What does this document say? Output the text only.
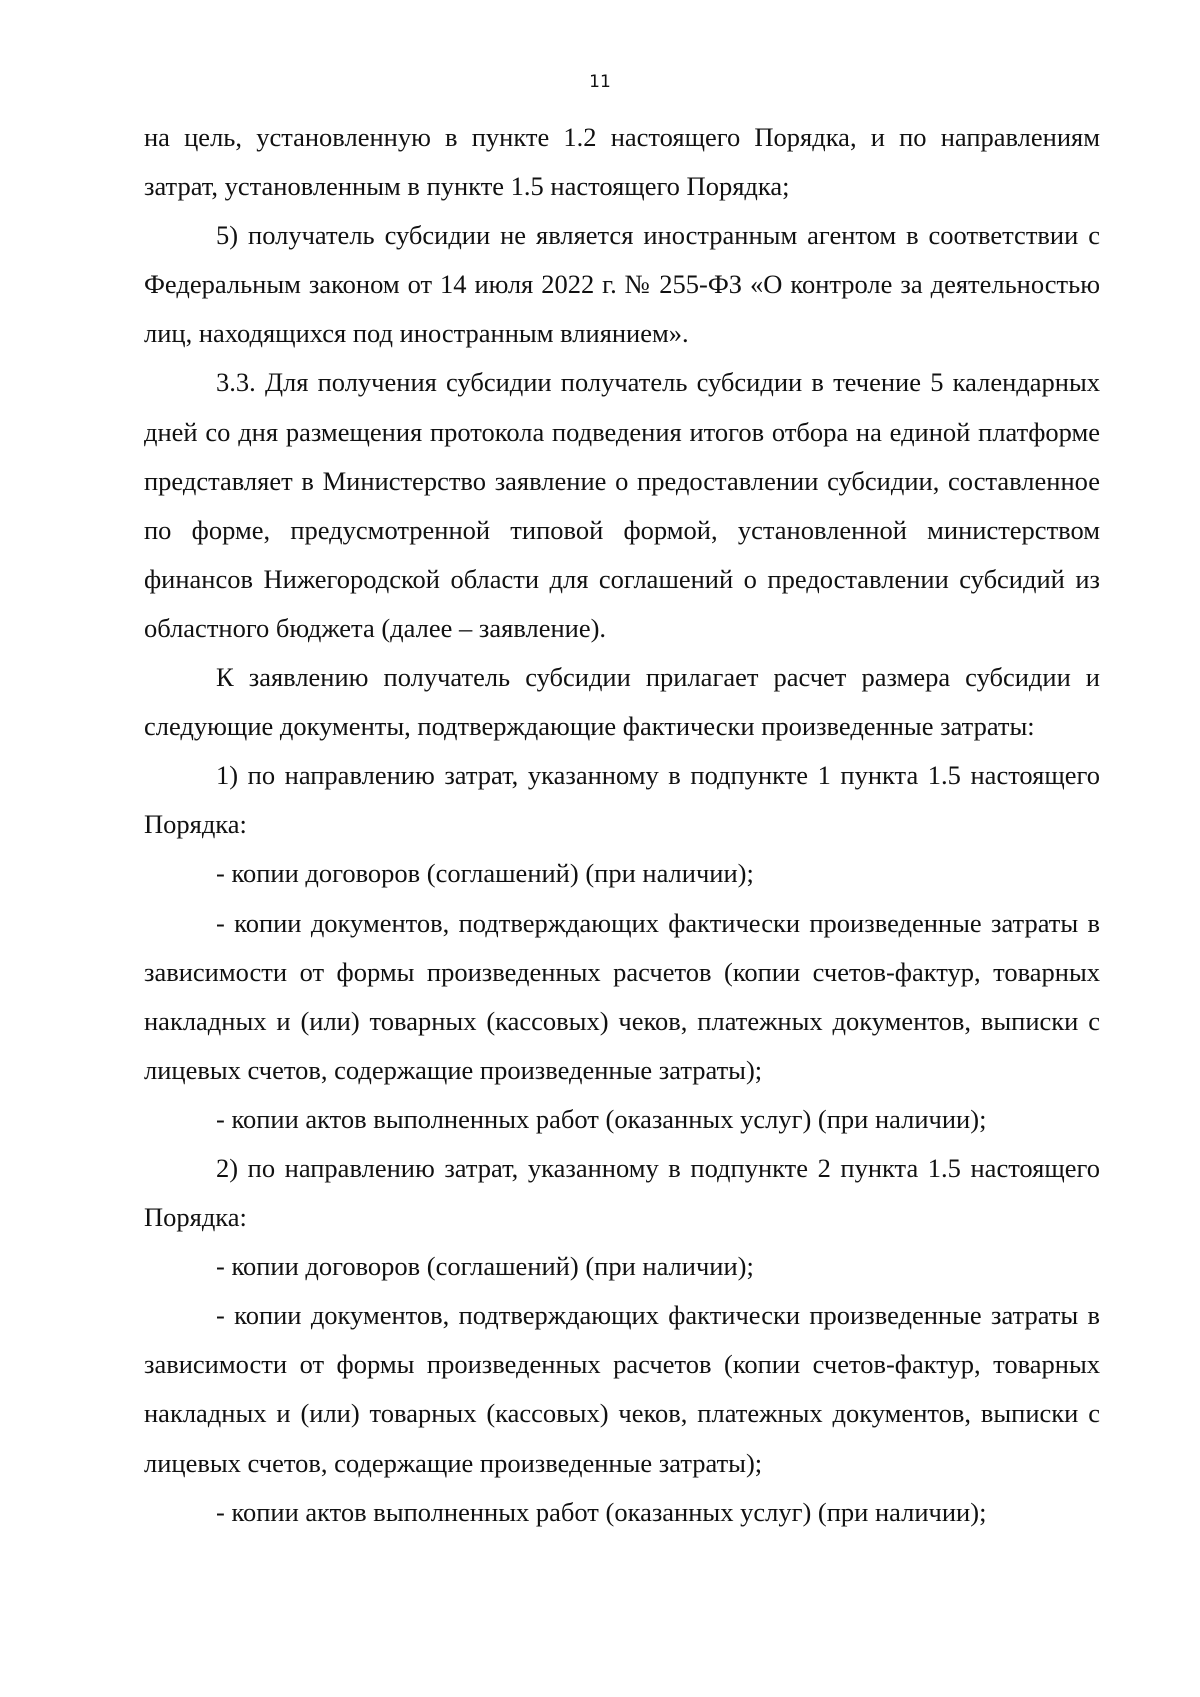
11

на цель, установленную в пункте 1.2 настоящего Порядка, и по направлениям затрат, установленным в пункте 1.5 настоящего Порядка;

5) получатель субсидии не является иностранным агентом в соответствии с Федеральным законом от 14 июля 2022 г. № 255-ФЗ «О контроле за деятельностью лиц, находящихся под иностранным влиянием».

3.3. Для получения субсидии получатель субсидии в течение 5 календарных дней со дня размещения протокола подведения итогов отбора на единой платформе представляет в Министерство заявление о предоставлении субсидии, составленное по форме, предусмотренной типовой формой, установленной министерством финансов Нижегородской области для соглашений о предоставлении субсидий из областного бюджета (далее – заявление).

К заявлению получатель субсидии прилагает расчет размера субсидии и следующие документы, подтверждающие фактически произведенные затраты:

1) по направлению затрат, указанному в подпункте 1 пункта 1.5 настоящего Порядка:

- копии договоров (соглашений) (при наличии);

- копии документов, подтверждающих фактически произведенные затраты в зависимости от формы произведенных расчетов (копии счетов-фактур, товарных накладных и (или) товарных (кассовых) чеков, платежных документов, выписки с лицевых счетов, содержащие произведенные затраты);

- копии актов выполненных работ (оказанных услуг) (при наличии);

2) по направлению затрат, указанному в подпункте 2 пункта 1.5 настоящего Порядка:

- копии договоров (соглашений) (при наличии);

- копии документов, подтверждающих фактически произведенные затраты в зависимости от формы произведенных расчетов (копии счетов-фактур, товарных накладных и (или) товарных (кассовых) чеков, платежных документов, выписки с лицевых счетов, содержащие произведенные затраты);

- копии актов выполненных работ (оказанных услуг) (при наличии);
